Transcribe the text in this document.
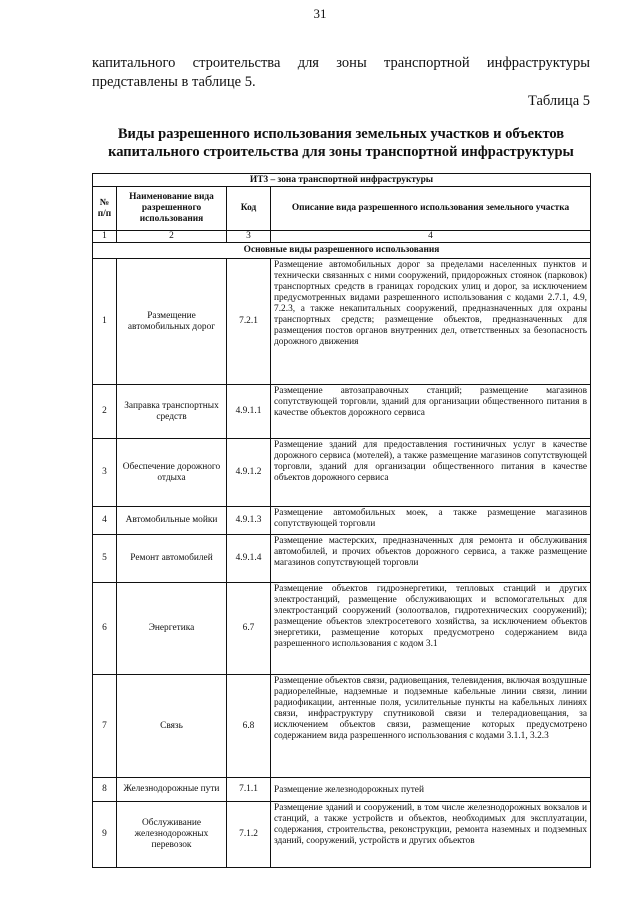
31
капитального строительства для зоны транспортной инфраструктуры представлены в таблице 5.
Таблица 5
Виды разрешенного использования земельных участков и объектов капитального строительства для зоны транспортной инфраструктуры
ИТ3 – зона транспортной инфраструктуры			
№ п/п	Наименование вида разрешенного использования	Код	Описание вида разрешенного использования земельного участка
1	2	3	4
Основные виды разрешенного использования			
1	Размещение автомобильных дорог	7.2.1	Размещение автомобильных дорог за пределами населенных пунктов и технически связанных с ними сооружений, придорожных стоянок (парковок) транспортных средств в границах городских улиц и дорог, за исключением предусмотренных видами разрешенного использования с кодами 2.7.1, 4.9, 7.2.3, а также некапитальных сооружений, предназначенных для охраны транспортных средств; размещение объектов, предназначенных для размещения постов органов внутренних дел, ответственных за безопасность дорожного движения
2	Заправка транспортных средств	4.9.1.1	Размещение автозаправочных станций; размещение магазинов сопутствующей торговли, зданий для организации общественного питания в качестве объектов дорожного сервиса
3	Обеспечение дорожного отдыха	4.9.1.2	Размещение зданий для предоставления гостиничных услуг в качестве дорожного сервиса (мотелей), а также размещение магазинов сопутствующей торговли, зданий для организации общественного питания в качестве объектов дорожного сервиса
4	Автомобильные мойки	4.9.1.3	Размещение автомобильных моек, а также размещение магазинов сопутствующей торговли
5	Ремонт автомобилей	4.9.1.4	Размещение мастерских, предназначенных для ремонта и обслуживания автомобилей, и прочих объектов дорожного сервиса, а также размещение магазинов сопутствующей торговли
6	Энергетика	6.7	Размещение объектов гидроэнергетики, тепловых станций и других электростанций, размещение обслуживающих и вспомогательных для электростанций сооружений (золоотвалов, гидротехнических сооружений); размещение объектов электросетевого хозяйства, за исключением объектов энергетики, размещение которых предусмотрено содержанием вида разрешенного использования с кодом 3.1
7	Связь	6.8	Размещение объектов связи, радиовещания, телевидения, включая воздушные радиорелейные, надземные и подземные кабельные линии связи, линии радиофикации, антенные поля, усилительные пункты на кабельных линиях связи, инфраструктуру спутниковой связи и телерадиовещания, за исключением объектов связи, размещение которых предусмотрено содержанием вида разрешенного использования с кодами 3.1.1, 3.2.3
8	Железнодорожные пути	7.1.1	Размещение железнодорожных путей
9	Обслуживание железнодорожных перевозок	7.1.2	Размещение зданий и сооружений, в том числе железнодорожных вокзалов и станций, а также устройств и объектов, необходимых для эксплуатации, содержания, строительства, реконструкции, ремонта наземных и подземных зданий, сооружений, устройств и других объектов
